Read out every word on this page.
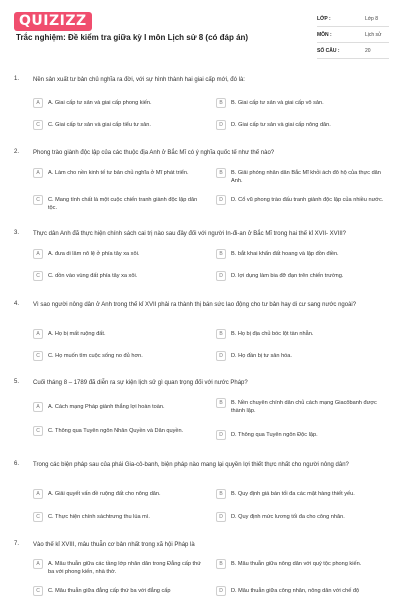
QUIZIZZ
Trắc nghiệm: Đề kiểm tra giữa kỳ I môn Lịch sử 8 (có đáp án)
LỚP :	Lớp 8
MÔN :	Lịch sử
SỐ CÂU :	20
1. Nền sản xuất tư bản chủ nghĩa ra đời, với sự hình thành hai giai cấp mới, đó là:
A	A. Giai cấp tư sản và giai cấp phong kiến.	B	B. Giai cấp tư sản và giai cấp vô sản.
C	C. Giai cấp tư sản và giai cấp tiểu tư sản.	D	D. Giai cấp tư sản và giai cấp nông dân.
2. Phong trào giành độc lập của các thuộc địa Anh ở Bắc Mĩ có ý nghĩa quốc tế như thế nào?
A	A. Làm cho nền kinh tế tư bản chủ nghĩa ở Mĩ phát triển.	B	B. Giải phóng nhân dân Bắc Mĩ khỏi ách đô hộ của thực dân Anh.
C	C. Mang tính chất là một cuộc chiến tranh giành độc lập dân tộc.
D	D. Cổ vũ phong trào đấu tranh giành độc lập của nhiều nước.
3. Thực dân Anh đã thực hiện chính sách cai trị nào sau đây đối với người In-đi-an ở Bắc Mĩ trong hai thế kỉ XVII- XVIII?
A	A. đưa di lâm nô lệ ở phía tây xa xôi.	B	B. bắt khai khẩn đất hoang và lập đồn điền.
C	C. dồn vào vùng đất phía tây xa xôi.	D	D. lợi dụng làm bia đỡ đạn trên chiến trường.
4. Vì sao người nông dân ở Anh trong thế kỉ XVII phải ra thành thị bán sức lao động cho tư bản hay di cư sang nước ngoài?
A	A. Họ bị mất ruộng đất.	B	B. Họ bị địa chủ bóc lột tàn nhẫn.
C	C. Họ muốn tìm cuộc sống no đủ hơn.	D	D. Họ đần bị tư sản hóa.
5. Cuối tháng 8 – 1789 đã diễn ra sự kiện lịch sử gì quan trọng đối với nước Pháp?
A	A. Cách mạng Pháp giành thắng lợi hoàn toàn.
B	B. Nền chuyên chính dân chủ cách mạng Giacôbanh được thành lập.
C	C. Thông qua Tuyên ngôn Nhân Quyền và Dân quyền.
D	D. Thông qua Tuyên ngôn Độc lập.
6. Trong các biện pháp sau của phái Gia-cô-banh, biện pháp nào mang lại quyền lợi thiết thực nhất cho người nông dân?
A	A. Giải quyết vấn đề ruộng đất cho nông dân.	B	B. Quy định giá bán tối đa các mặt hàng thiết yếu.
C	C. Thực hiện chính sáchtrưng thu lúa mì.	D	D. Quy định mức lương tối đa cho công nhân.
7. Vào thế kỉ XVIII, mâu thuẫn cơ bản nhất trong xã hội Pháp là
A	A. Mâu thuẫn giữa các tầng lớp nhân dân trong Đẳng cấp thứ ba với phong kiến, nhà thờ.
B	B. Mâu thuẫn giữa nông dân với quý tộc phong kiến.
C	C. Mâu thuẫn giữa đẳng cấp thứ ba với đẳng cấp	D	D. Mâu thuẫn giữa công nhân, nông dân với chế độ
